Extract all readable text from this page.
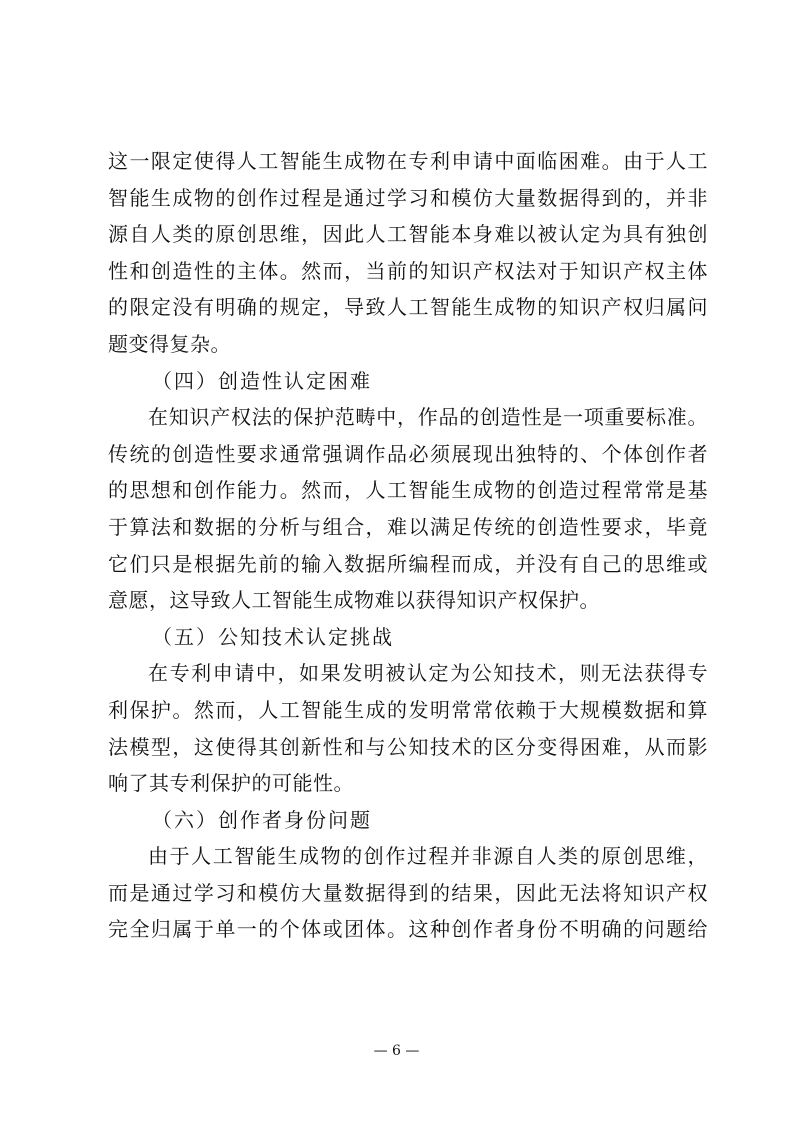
这一限定使得人工智能生成物在专利申请中面临困难。由于人工
智能生成物的创作过程是通过学习和模仿大量数据得到的，并非
源自人类的原创思维，因此人工智能本身难以被认定为具有独创
性和创造性的主体。然而，当前的知识产权法对于知识产权主体
的限定没有明确的规定，导致人工智能生成物的知识产权归属问
题变得复杂。
（四）创造性认定困难
在知识产权法的保护范畴中，作品的创造性是一项重要标准。
传统的创造性要求通常强调作品必须展现出独特的、个体创作者
的思想和创作能力。然而，人工智能生成物的创造过程常常是基
于算法和数据的分析与组合，难以满足传统的创造性要求，毕竟
它们只是根据先前的输入数据所编程而成，并没有自己的思维或
意愿，这导致人工智能生成物难以获得知识产权保护。
（五）公知技术认定挑战
在专利申请中，如果发明被认定为公知技术，则无法获得专
利保护。然而，人工智能生成的发明常常依赖于大规模数据和算
法模型，这使得其创新性和与公知技术的区分变得困难，从而影
响了其专利保护的可能性。
（六）创作者身份问题
由于人工智能生成物的创作过程并非源自人类的原创思维，
而是通过学习和模仿大量数据得到的结果，因此无法将知识产权
完全归属于单一的个体或团体。这种创作者身份不明确的问题给
— 6 —
